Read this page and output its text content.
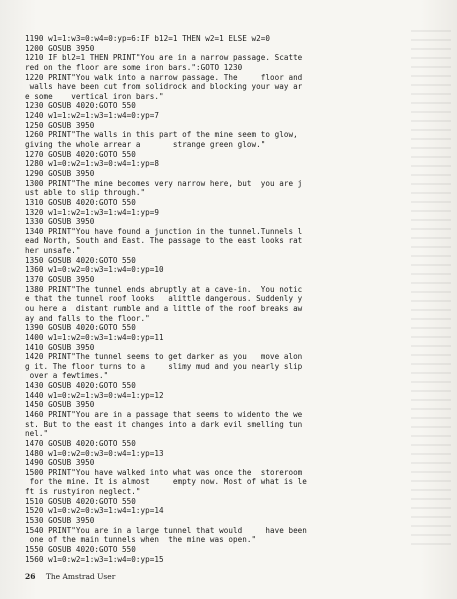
1190 w1=1:w3=0:w4=0:yp=6:IF b12=1 THEN w2=1 ELSE w2=0
1200 GOSUB 3950
1210 IF bl2=1 THEN PRINT"You are in a narrow passage. Scatte
red on the floor are some iron bars.":GOTO 1230
1220 PRINT"You walk into a narrow passage. The     floor and
walls have been cut from solidrock and blocking your way ar
e some    vertical iron bars."
1230 GOSUB 4020:GOTO 550
1240 w1=1:w2=1:w3=1:w4=0:yp=7
1250 GOSUB 3950
1260 PRINT"The walls in this part of the mine seem to glow,
giving the whole arrear a       strange green glow."
1270 GOSUB 4020:GOTO 550
1280 w1=0:w2=1:w3=0:w4=1:yp=8
1290 GOSUB 3950
1300 PRINT"The mine becomes very narrow here, but  you are j
ust able to slip through."
1310 GOSUB 4020:GOTO 550
1320 w1=1:w2=1:w3=1:w4=1:yp=9
1330 GOSUB 3950
1340 PRINT"You have found a junction in the tunnel.Tunnels l
ead North, South and East. The passage to the east looks rat
her unsafe."
1350 GOSUB 4020:GOTO 550
1360 w1=0:w2=0:w3=1:w4=0:yp=10
1370 GOSUB 3950
1380 PRINT"The tunnel ends abruptly at a cave-in.  You notic
e that the tunnel roof looks   alittle dangerous. Suddenly y
ou here a  distant rumble and a little of the roof breaks aw
ay and falls to the floor."
1390 GOSUB 4020:GOTO 550
1400 w1=1:w2=0:w3=1:w4=0:yp=11
1410 GOSUB 3950
1420 PRINT"The tunnel seems to get darker as you   move alon
g it. The floor turns to a     slimy mud and you nearly slip
over a fewtimes."
1430 GOSUB 4020:GOTO 550
1440 w1=0:w2=1:w3=0:w4=1:yp=12
1450 GOSUB 3950
1460 PRINT"You are in a passage that seems to widento the we
st. But to the east it changes into a dark evil smelling tun
nel."
1470 GOSUB 4020:GOTO 550
1480 w1=0:w2=0:w3=0:w4=1:yp=13
1490 GOSUB 3950
1500 PRINT"You have walked into what was once the  storeroom
for the mine. It is almost     empty now. Most of what is le
ft is rustyiron neglect."
1510 GOSUB 4020:GOTO 550
1520 w1=0:w2=0:w3=1:w4=1:yp=14
1530 GOSUB 3950
1540 PRINT"You are in a large tunnel that would     have been
one of the main tunnels when  the mine was open."
1550 GOSUB 4020:GOTO 550
1560 w1=0:w2=1:w3=1:w4=0:yp=15
26 The Amstrad User
